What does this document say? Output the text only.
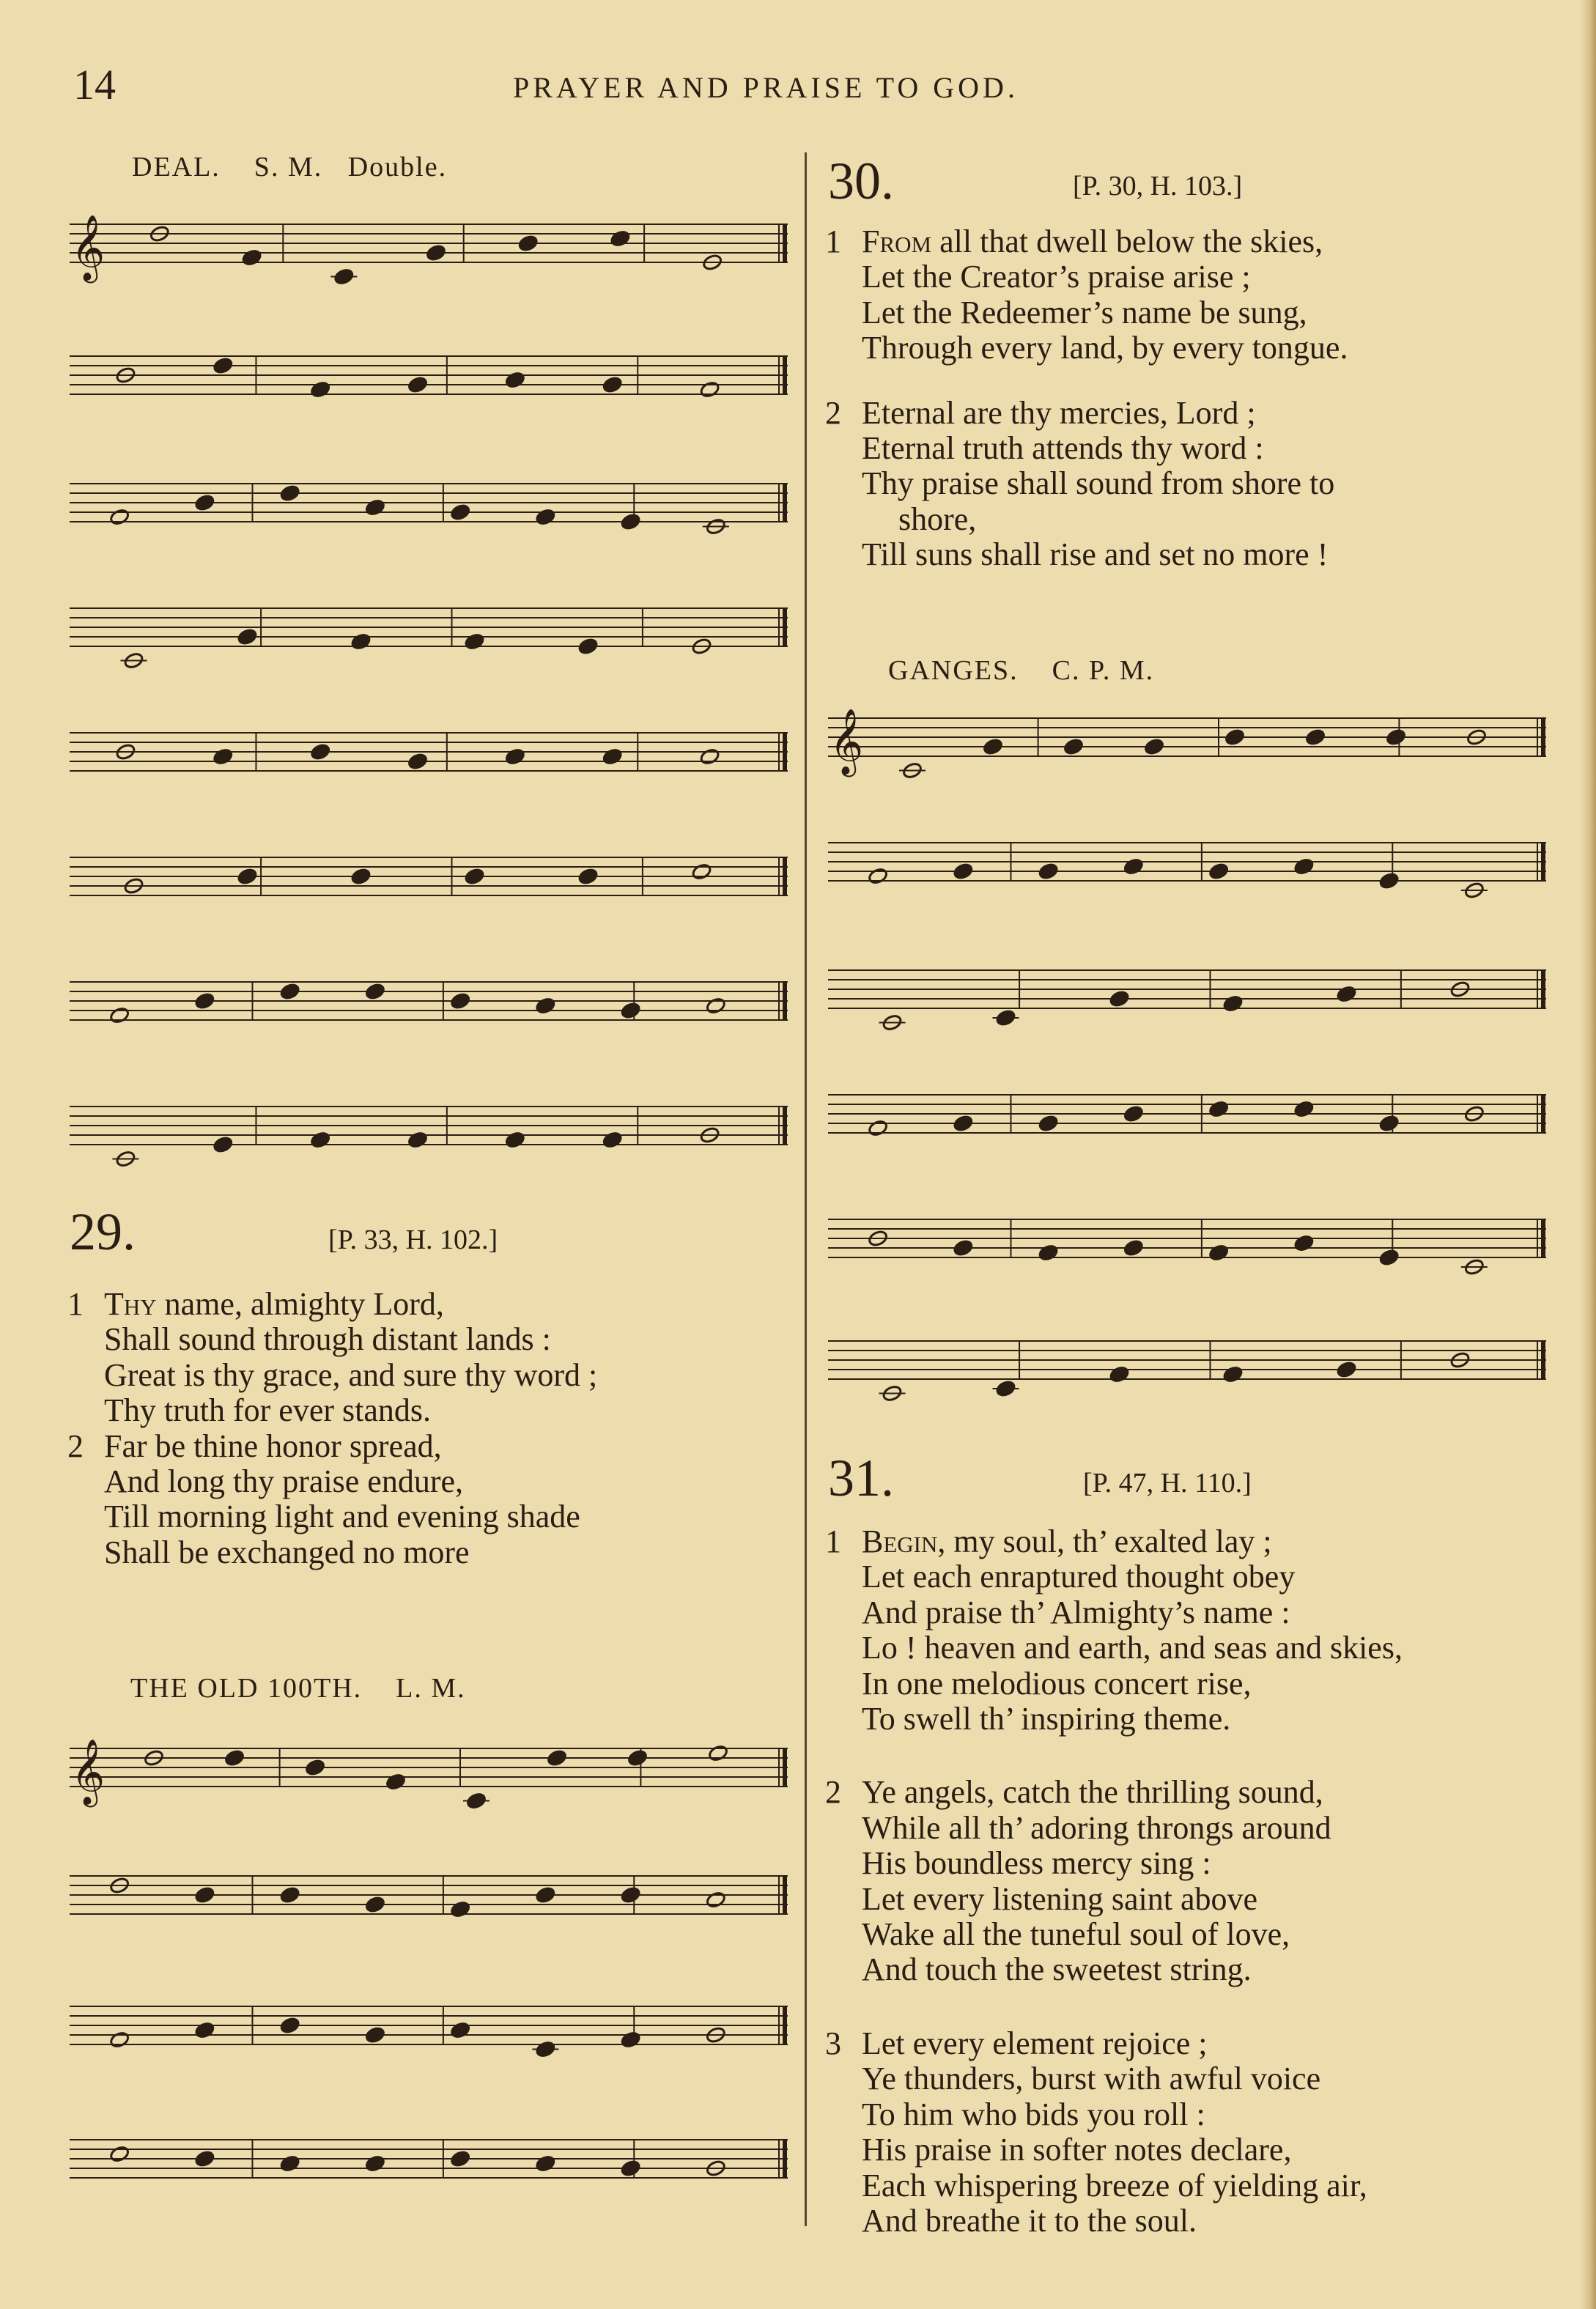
14	PRAYER AND PRAISE TO GOD.

DEAL.    S. M.   Double.

𝄞
29.	[P. 33, H. 102.]

1 Thy name, almighty Lord,
Shall sound through distant lands :
Great is thy grace, and sure thy word ;
Thy truth for ever stands.
2 Far be thine honor spread,
And long thy praise endure,
Till morning light and evening shade
Shall be exchanged no more

THE OLD 100TH.    L. M.

𝄞
30.	[P. 30, H. 103.]

1 From all that dwell below the skies,
Let the Creator’s praise arise ;
Let the Redeemer’s name be sung,
Through every land, by every tongue.
2 Eternal are thy mercies, Lord ;
Eternal truth attends thy word :
Thy praise shall sound from shore to
shore,
Till suns shall rise and set no more !

GANGES.    C. P. M.

𝄞
31.	[P. 47, H. 110.]

1 Begin, my soul, th’ exalted lay ;
Let each enraptured thought obey
And praise th’ Almighty’s name :
Lo ! heaven and earth, and seas and skies,
In one melodious concert rise,
To swell th’ inspiring theme.
2 Ye angels, catch the thrilling sound,
While all th’ adoring throngs around
His boundless mercy sing :
Let every listening saint above
Wake all the tuneful soul of love,
And touch the sweetest string.
3 Let every element rejoice ;
Ye thunders, burst with awful voice
To him who bids you roll :
His praise in softer notes declare,
Each whispering breeze of yielding air,
And breathe it to the soul.
